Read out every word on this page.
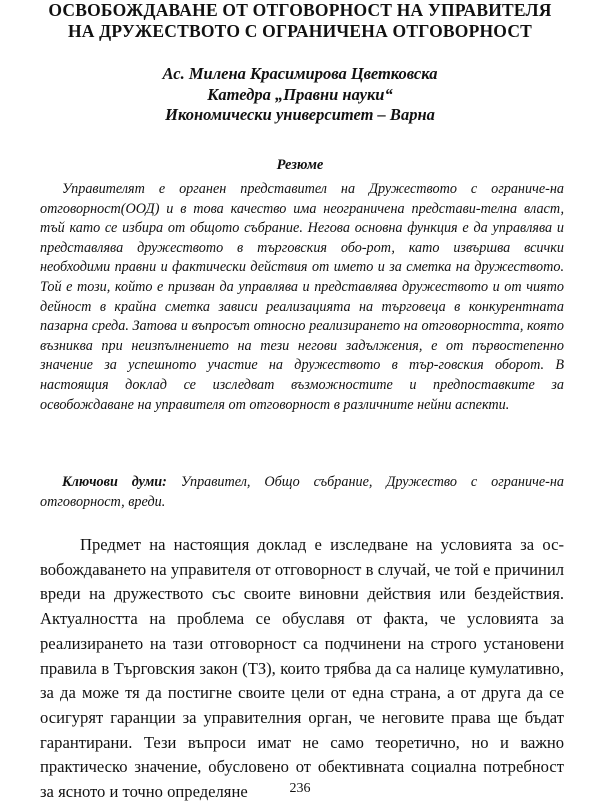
ОСВОБОЖДАВАНЕ ОТ ОТГОВОРНОСТ НА УПРАВИТЕЛЯ
НА ДРУЖЕСТВОТО С ОГРАНИЧЕНА ОТГОВОРНОСТ
Ас. Милена Красимирова Цветковска
Катедра „Правни науки“
Икономически университет – Варна
Резюме

Управителят е органен представител на Дружеството с ограниче-на отговорност(ООД) и в това качество има неограничена представи-телна власт, тъй като се избира от общото събрание. Негова основна функция е да управлява и представлява дружеството в търговския обо-рот, като извършва всички необходими правни и фактически действия от името и за сметка на дружеството. Той е този, който е призван да управлява и представлява дружеството и от чиято дейност в крайна сметка зависи реализацията на търговеца в конкурентната пазарна среда. Затова и въпросът относно реализирането на отговорността, която възниква при неизпълнението на тези негови задължения, е от първостепенно значение за успешното участие на дружеството в тър-говския оборот. В настоящия доклад се изследват възможностите и предпоставките за освобождаване на управителя от отговорност в различните нейни аспекти.

Ключови думи: Управител, Общо събрание, Дружество с ограниче-на отговорност, вреди.

Предмет на настоящия доклад е изследване на условията за ос-вобождаването на управителя от отговорност в случай, че той е причинил вреди на дружеството със своите виновни действия или бездействия. Актуалността на проблема се обуславя от факта, че условията за реализирането на тази отговорност са подчинени на строго установени правила в Търговския закон (ТЗ), които трябва да са налице кумулативно, за да може тя да постигне своите цели от една страна, а от друга да се осигурят гаранции за управителния орган, че неговите права ще бъдат гарантирани. Тези въпроси имат не само теоретично, но и важно практическо значение, обусловено от обективната социална потребност за ясното и точно определяне	236
